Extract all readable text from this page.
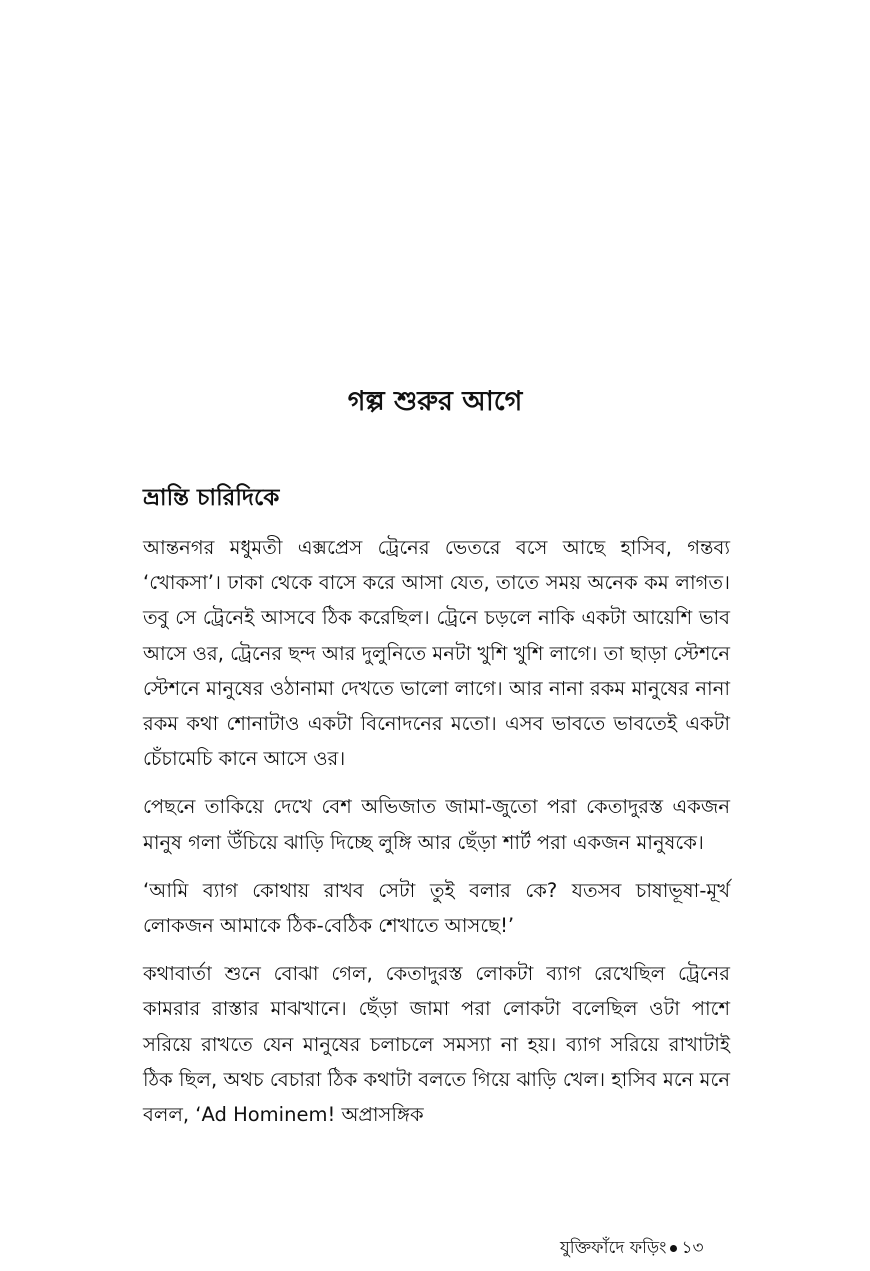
গল্প শুরুর আগে
ভ্রান্তি চারিদিকে

আন্তনগর মধুমতী এক্সপ্রেস ট্রেনের ভেতরে বসে আছে হাসিব, গন্তব্য ‘খোকসা’। ঢাকা থেকে বাসে করে আসা যেত, তাতে সময় অনেক কম লাগত। তবু সে ট্রেনেই আসবে ঠিক করেছিল। ট্রেনে চড়লে নাকি একটা আয়েশি ভাব আসে ওর, ট্রেনের ছন্দ আর দুলুনিতে মনটা খুশি খুশি লাগে। তা ছাড়া স্টেশনে স্টেশনে মানুষের ওঠানামা দেখতে ভালো লাগে। আর নানা রকম মানুষের নানা রকম কথা শোনাটাও একটা বিনোদনের মতো। এসব ভাবতে ভাবতেই একটা চেঁচামেচি কানে আসে ওর।

পেছনে তাকিয়ে দেখে বেশ অভিজাত জামা-জুতো পরা কেতাদুরস্ত একজন মানুষ গলা উঁচিয়ে ঝাড়ি দিচ্ছে লুঙ্গি আর ছেঁড়া শার্ট পরা একজন মানুষকে।

‘আমি ব্যাগ কোথায় রাখব সেটা তুই বলার কে? যতসব চাষাভূষা-মূর্খ লোকজন আমাকে ঠিক-বেঠিক শেখাতে আসছে!’

কথাবার্তা শুনে বোঝা গেল, কেতাদুরস্ত লোকটা ব্যাগ রেখেছিল ট্রেনের কামরার রাস্তার মাঝখানে। ছেঁড়া জামা পরা লোকটা বলেছিল ওটা পাশে সরিয়ে রাখতে যেন মানুষের চলাচলে সমস্যা না হয়। ব্যাগ সরিয়ে রাখাটাই ঠিক ছিল, অথচ বেচারা ঠিক কথাটা বলতে গিয়ে ঝাড়ি খেল। হাসিব মনে মনে বলল, ‘Ad Hominem! অপ্রাসঙ্গিক

যুক্তিফাঁদে ফড়িং ১৩
